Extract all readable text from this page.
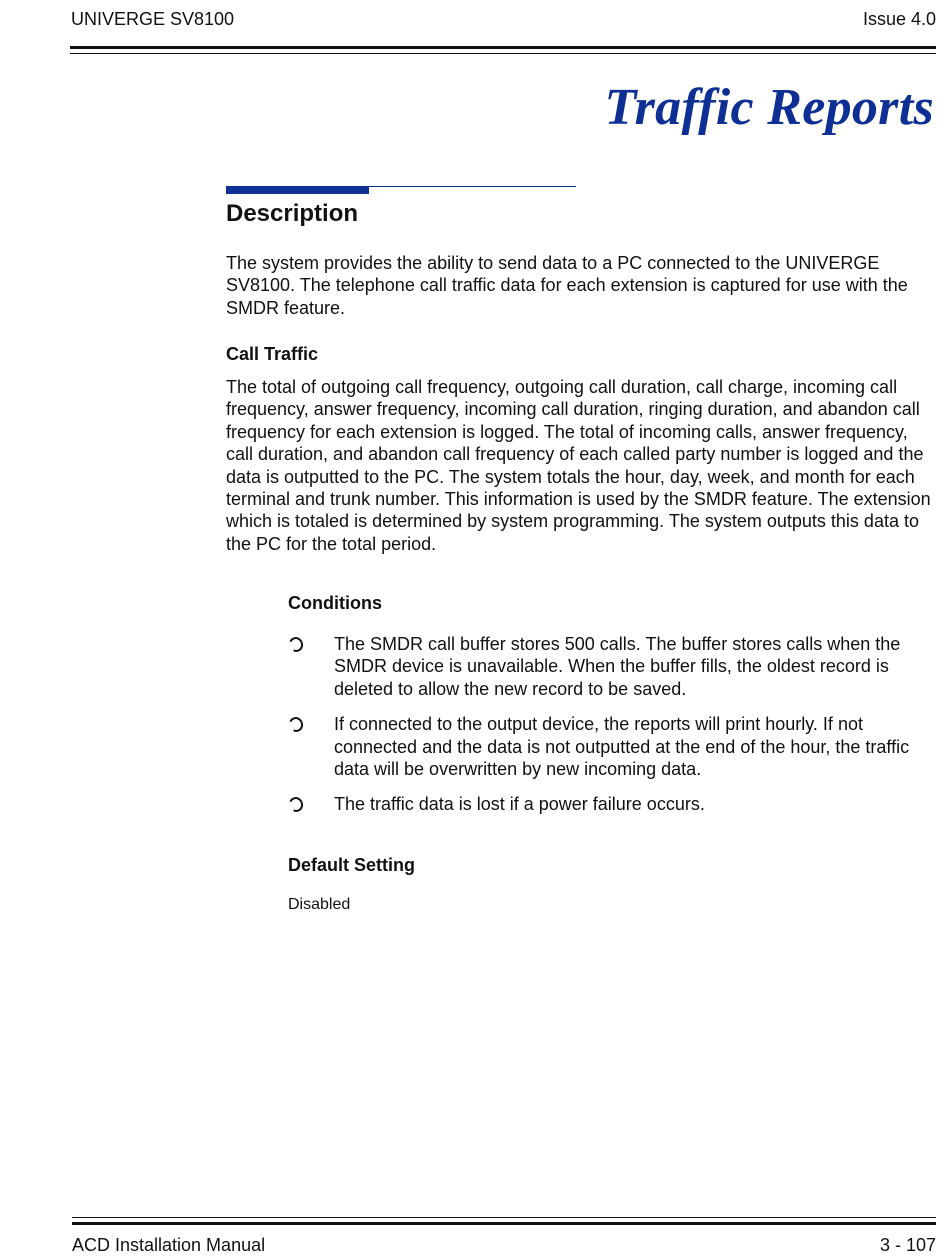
UNIVERGE SV8100	Issue 4.0
Traffic Reports
Description
The system provides the ability to send data to a PC connected to the UNIVERGE SV8100. The telephone call traffic data for each extension is captured for use with the SMDR feature.
Call Traffic
The total of outgoing call frequency, outgoing call duration, call charge, incoming call frequency, answer frequency, incoming call duration, ringing duration, and abandon call frequency for each extension is logged. The total of incoming calls, answer frequency, call duration, and abandon call frequency of each called party number is logged and the data is outputted to the PC. The system totals the hour, day, week, and month for each terminal and trunk number. This information is used by the SMDR feature. The extension which is totaled is determined by system programming. The system outputs this data to the PC for the total period.
Conditions
The SMDR call buffer stores 500 calls. The buffer stores calls when the SMDR device is unavailable. When the buffer fills, the oldest record is deleted to allow the new record to be saved.
If connected to the output device, the reports will print hourly. If not connected and the data is not outputted at the end of the hour, the traffic data will be overwritten by new incoming data.
The traffic data is lost if a power failure occurs.
Default Setting
Disabled
ACD Installation Manual	3 - 107
